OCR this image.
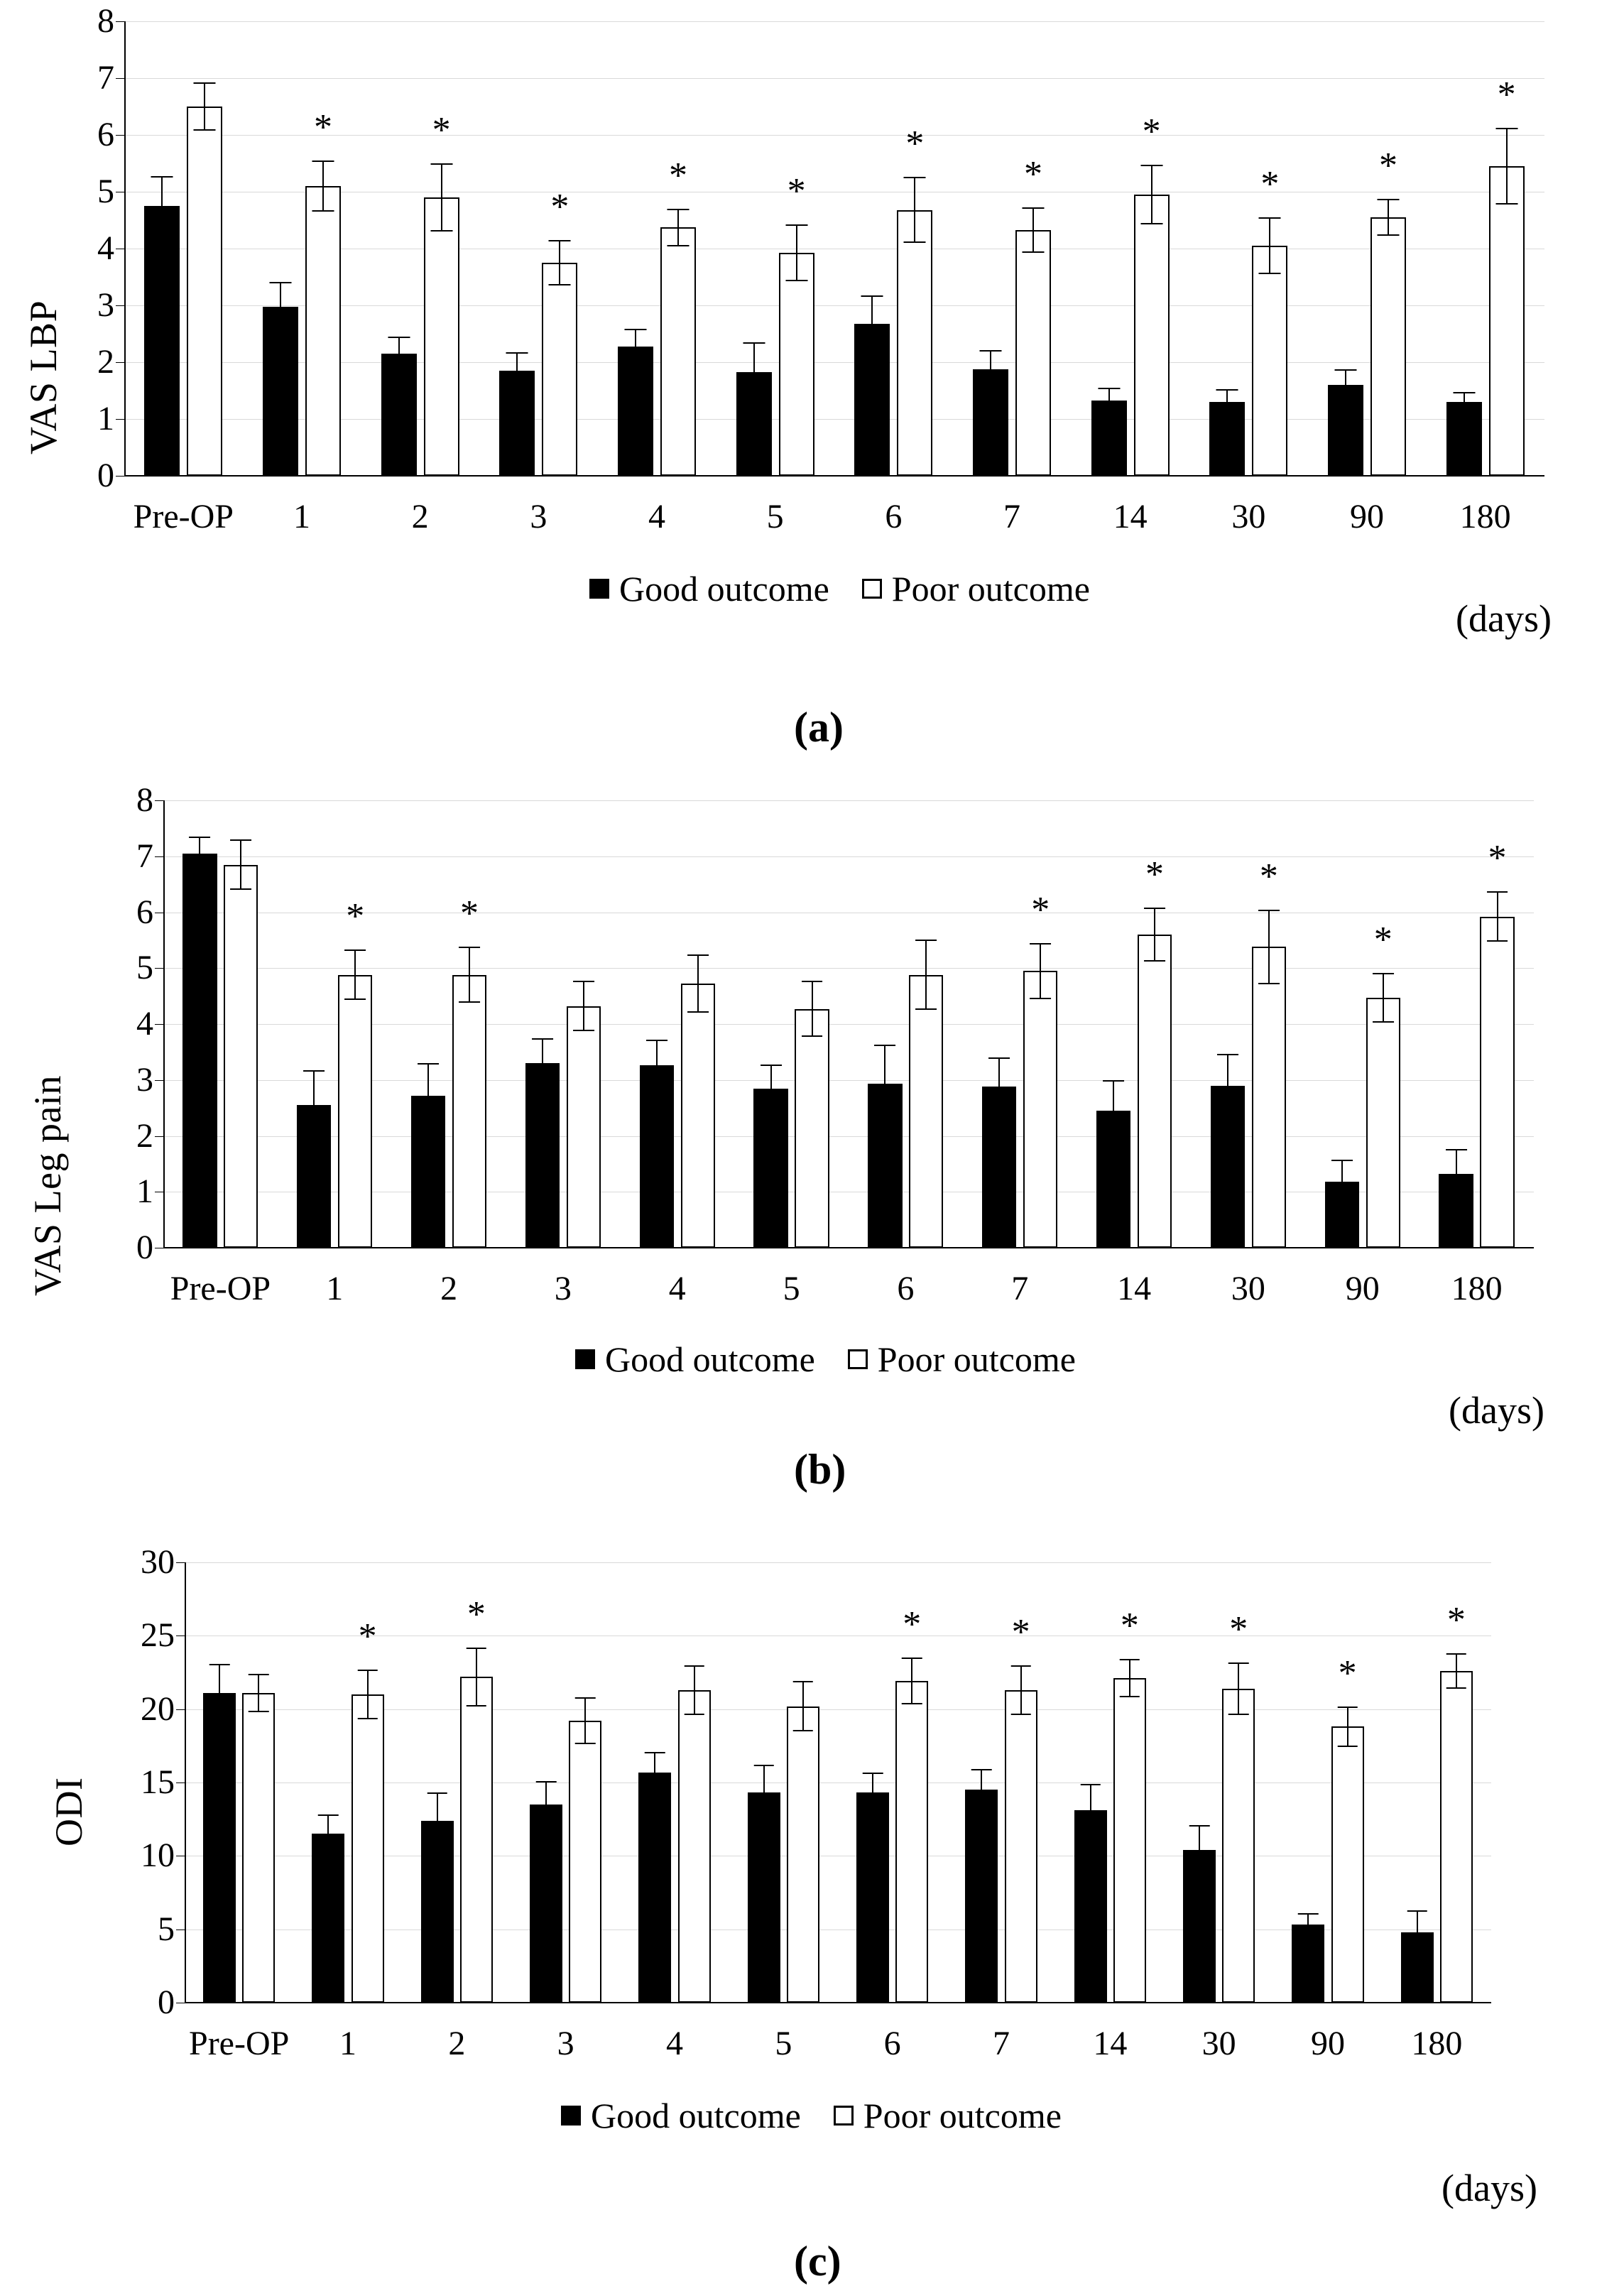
VAS LBP
0
1
2
3
4
5
6
7
8
Pre-OP
*
1
*
2
*
3
*
4
*
5
*
6
*
7
*
14
*
30
*
90
*
180
Good outcome Poor outcome
(days)
(a)
VAS Leg pain 0
1
2
3
4
5
6
7
8
Pre-OP
*
1
*
2	3	4	5	6
*
7
*
14
*
30
*
90
*
180
Good outcome Poor outcome
(days)
(b)
ODI
0
5
10
15
20
25
30
Pre-OP
*
1
*
2	3	4	5
*
6
*
7
*
14
*
30
*
90
*
180
Good outcome Poor outcome
(days)
(c)
